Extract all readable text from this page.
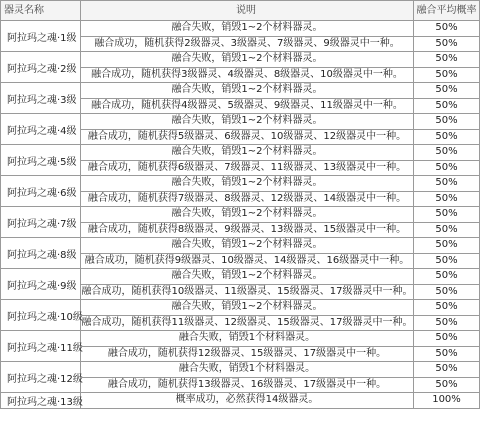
器灵名称	说明	融合平均概率
阿拉玛之魂·1级
融合失败，销毁1~2个材料器灵。	50%
融合成功，随机获得2级器灵、3级器灵、7级器灵、9级器灵中一种。	50%
阿拉玛之魂·2级
融合失败，销毁1~2个材料器灵。	50%
融合成功，随机获得3级器灵、4级器灵、8级器灵、10级器灵中一种。	50%
阿拉玛之魂·3级
融合失败，销毁1~2个材料器灵。	50%
融合成功，随机获得4级器灵、5级器灵、9级器灵、11级器灵中一种。	50%
阿拉玛之魂·4级
融合失败，销毁1~2个材料器灵。	50%
融合成功，随机获得5级器灵、6级器灵、10级器灵、12级器灵中一种。	50%
阿拉玛之魂·5级
融合失败，销毁1~2个材料器灵。	50%
融合成功，随机获得6级器灵、7级器灵、11级器灵、13级器灵中一种。	50%
阿拉玛之魂·6级
融合失败，销毁1~2个材料器灵。	50%
融合成功，随机获得7级器灵、8级器灵、12级器灵、14级器灵中一种。	50%
阿拉玛之魂·7级
融合失败，销毁1~2个材料器灵。	50%
融合成功，随机获得8级器灵、9级器灵、13级器灵、15级器灵中一种。	50%
阿拉玛之魂·8级
融合失败，销毁1~2个材料器灵。	50%
融合成功，随机获得9级器灵、10级器灵、14级器灵、16级器灵中一种。	50%
阿拉玛之魂·9级
融合失败，销毁1~2个材料器灵。	50%
融合成功，随机获得10级器灵、11级器灵、15级器灵、17级器灵中一种。	50%
阿拉玛之魂·10级
融合失败，销毁1~2个材料器灵。	50%
融合成功，随机获得11级器灵、12级器灵、15级器灵、17级器灵中一种。	50%
阿拉玛之魂·11级
融合失败，销毁1个材料器灵。	50%
融合成功，随机获得12级器灵、15级器灵、17级器灵中一种。	50%
阿拉玛之魂·12级
融合失败，销毁1个材料器灵。	50%
融合成功，随机获得13级器灵、16级器灵、17级器灵中一种。	50%
阿拉玛之魂·13级	概率成功，必然获得14级器灵。	100%
